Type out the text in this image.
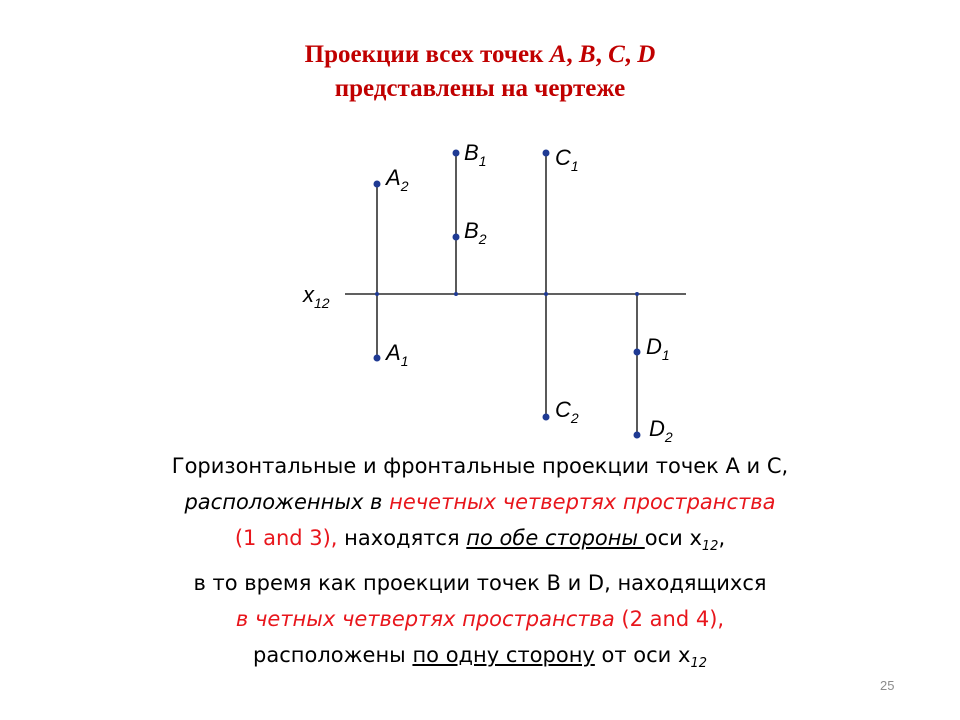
Проекции всех точек A, B, C, D
представлены на чертеже
$x_{12}$
$A_2$
$A_1$
$B_1$
$B_2$
$C_1$
$C_2$
$D_1$
$D_2$
Горизонтальные и фронтальные проекции точек А и С,
расположенных в нечетных четвертях пространства
(1 and 3), находятся по обе стороны оси $х_{12}$,
в то время как проекции точек В и D, находящихся
в четных четвертях пространства (2 and 4),
расположены по одну сторону от оси $х_{12}$
25
